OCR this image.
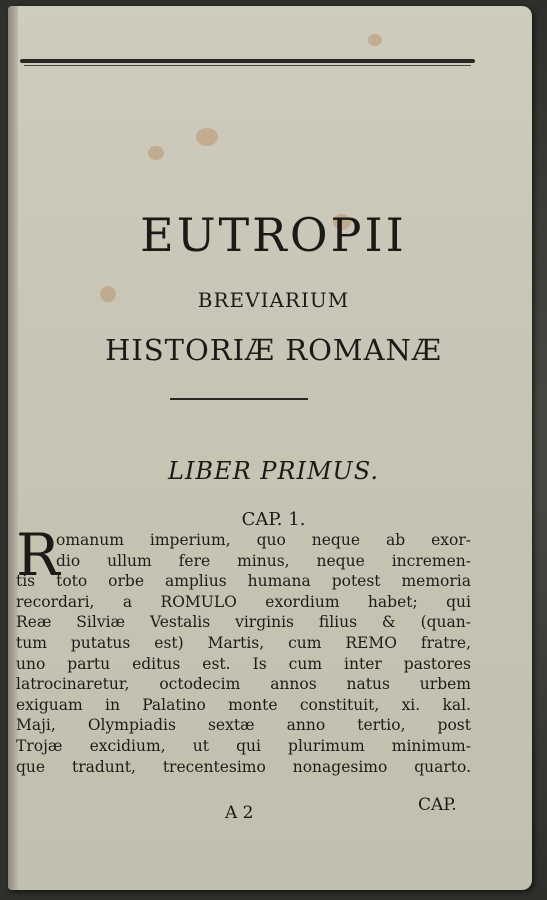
EUTROPII
BREVIARIUM
HISTORIÆ ROMANÆ
LIBER PRIMUS.
CAP. 1.
R
omanum imperium, quo neque ab exor-
dio ullum fere minus, neque incremen-
tis toto orbe amplius humana potest memoria
recordari, a ROMULO exordium habet; qui
Reæ Silviæ Vestalis virginis filius & (quan-
tum putatus est) Martis, cum REMO fratre,
uno partu editus est. Is cum inter pastores
latrocinaretur, octodecim annos natus urbem
exiguam in Palatino monte constituit, xi. kal.
Maji, Olympiadis sextæ anno tertio, post
Trojæ excidium, ut qui plurimum minimum-
que tradunt, trecentesimo nonagesimo quarto.
A 2	CAP.
